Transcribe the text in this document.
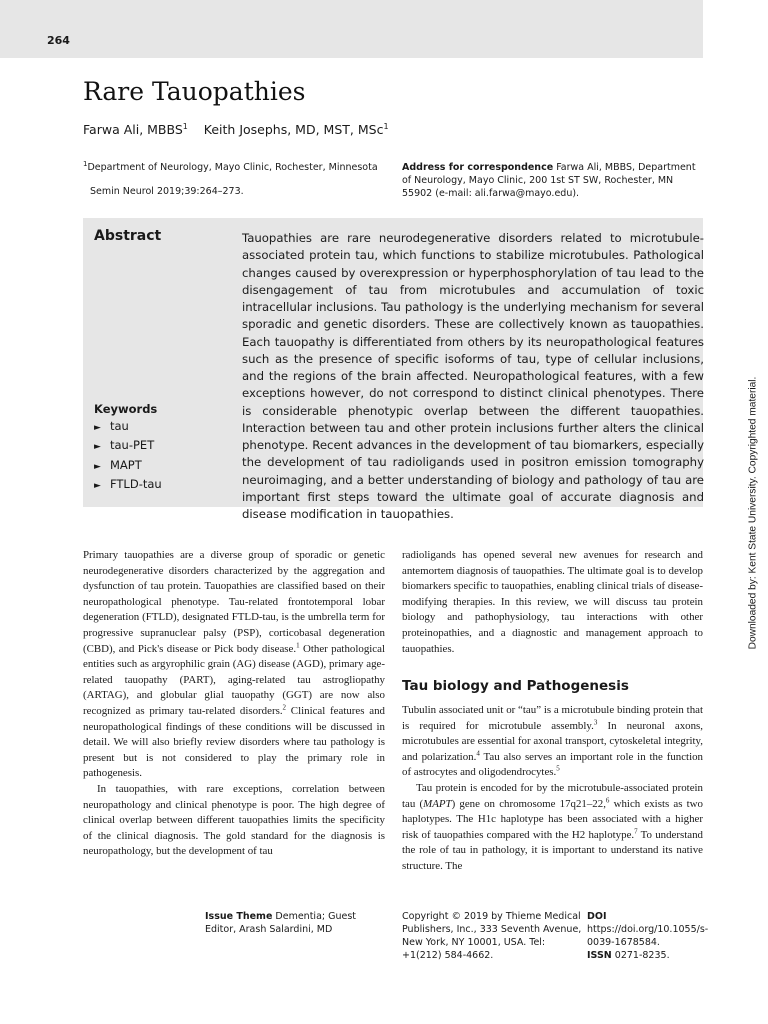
264
Rare Tauopathies
Farwa Ali, MBBS$^1$ Keith Josephs, MD, MST, MSc$^1$
$^1$Department of Neurology, Mayo Clinic, Rochester, Minnesota
Semin Neurol 2019;39:264–273.
Address for correspondence Farwa Ali, MBBS, Department of Neurology, Mayo Clinic, 200 1st ST SW, Rochester, MN 55902 (e-mail: ali.farwa@mayo.edu).
Abstract	Tauopathies are rare neurodegenerative disorders related to microtubule-associated protein tau, which functions to stabilize microtubules. Pathological changes caused by overexpression or hyperphosphorylation of tau lead to the disengagement of tau from microtubules and accumulation of toxic intracellular inclusions. Tau pathology is the underlying mechanism for several sporadic and genetic disorders. These are collectively known as tauopathies. Each tauopathy is differentiated from others by its neuropathological features such as the presence of specific isoforms of tau, type of cellular inclusions, and the regions of the brain affected. Neuropathological features, with a few exceptions however, do not correspond to distinct clinical phenotypes. There is considerable phenotypic overlap between the different tauopathies. Interaction between tau and other protein inclusions further alters the clinical phenotype. Recent advances in the development of tau biomarkers, especially the development of tau radioligands used in positron emission tomography neuroimaging, and a better understanding of biology and pathology of tau are important first steps toward the ultimate goal of accurate diagnosis and disease modification in tauopathies.
Keywords
► tau
► tau-PET
► MAPT
► FTLD-tau

Primary tauopathies are a diverse group of sporadic or genetic neurodegenerative disorders characterized by the aggregation and dysfunction of tau protein. Tauopathies are classified based on their neuropathological phenotype. Tau-related frontotemporal lobar degeneration (FTLD), designated FTLD-tau, is the umbrella term for progressive supranuclear palsy (PSP), corticobasal degeneration (CBD), and Pick's disease or Pick body disease.$^1$ Other pathological entities such as argyrophilic grain (AG) disease (AGD), primary age-related tauopathy (PART), aging-related tau astrogliopathy (ARTAG), and globular glial tauopathy (GGT) are now also recognized as primary tau-related disorders.$^2$ Clinical features and neuropathological findings of these conditions will be discussed in detail. We will also briefly review disorders where tau pathology is present but is not considered to play the primary role in pathogenesis.

In tauopathies, with rare exceptions, correlation between neuropathology and clinical phenotype is poor. The high degree of clinical overlap between different tauopathies limits the specificity of the clinical diagnosis. The gold standard for the diagnosis is neuropathology, but the development of tau

radioligands has opened several new avenues for research and antemortem diagnosis of tauopathies. The ultimate goal is to develop biomarkers specific to tauopathies, enabling clinical trials of disease-modifying therapies. In this review, we will discuss tau protein biology and pathophysiology, tau interactions with other proteinopathies, and a diagnostic and management approach to tauopathies.

Tau biology and Pathogenesis

Tubulin associated unit or “tau” is a microtubule binding protein that is required for microtubule assembly.$^3$ In neuronal axons, microtubules are essential for axonal transport, cytoskeletal integrity, and polarization.$^4$ Tau also serves an important role in the function of astrocytes and oligodendrocytes.$^5$

Tau protein is encoded for by the microtubule-associated protein tau (MAPT) gene on chromosome 17q21–22,$^6$ which exists as two haplotypes. The H1c haplotype has been associated with a higher risk of tauopathies compared with the H2 haplotype.$^7$ To understand the role of tau in pathology, it is important to understand its native structure. The

Downloaded by: Kent State University. Copyrighted material.
Issue Theme Dementia; Guest Editor, Arash Salardini, MD
Copyright © 2019 by Thieme Medical Publishers, Inc., 333 Seventh Avenue, New York, NY 10001, USA. Tel: +1(212) 584-4662.
DOI https://doi.org/10.1055/s-0039-1678584.
ISSN 0271-8235.
